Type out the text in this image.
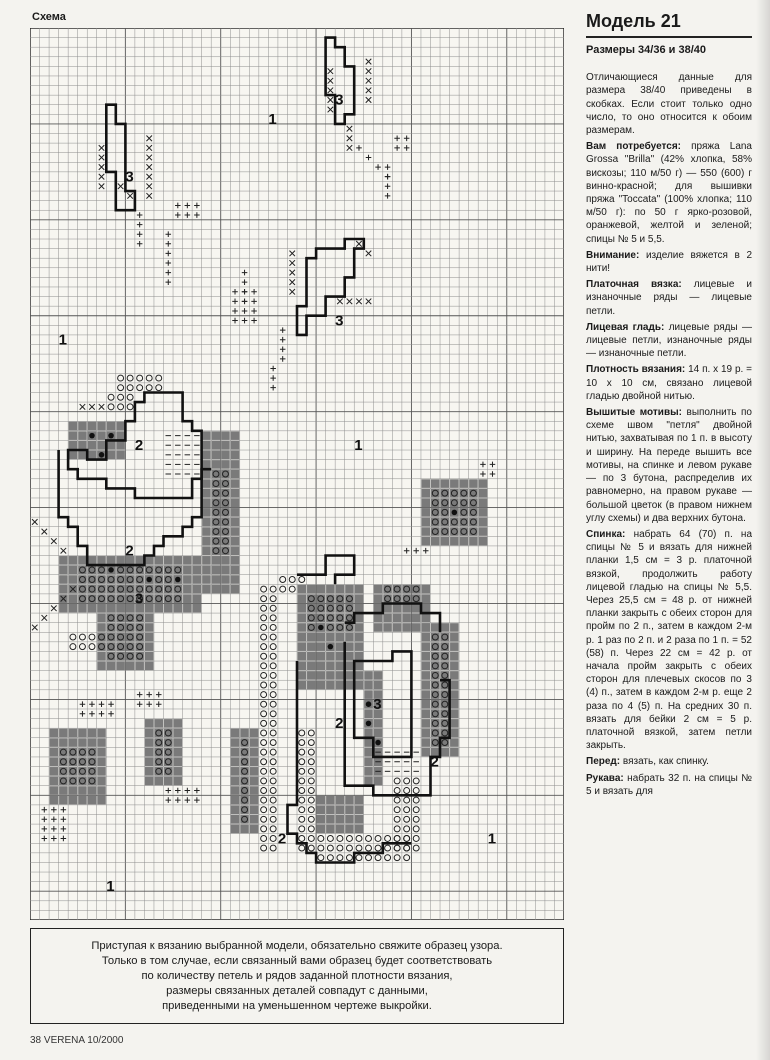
Схема
1
1
1
1
1
2
2
2
2
2
3
3
3
3
3
Приступая к вязанию выбранной модели, обязательно свяжите образец узора.
Только в том случае, если связанный вами образец будет соответствовать
по количеству петель и рядов заданной плотности вязания,
размеры связанных деталей совпадут с данными,
приведенными на уменьшенном чертеже выкройки.
38 VERENA 10/2000
Модель 21
Размеры 34/36 и 38/40

Отличающиеся данные для размера 38/40 приведены в скобках. Если стоит только одно число, то оно относится к обоим размерам.

Вам потребуется: пряжа Lana Grossa "Brilla" (42% хлопка, 58% вискозы; 110 м/50 г) — 550 (600) г винно-красной; для вышивки пряжа "Toccata" (100% хлопка; 110 м/50 г): по 50 г ярко-розовой, оранжевой, желтой и зеленой; спицы № 5 и 5,5.

Внимание: изделие вяжется в 2 нити!

Платочная вязка: лицевые и изнаночные ряды — лицевые петли.

Лицевая гладь: лицевые ряды — лицевые петли, изнаночные ряды — изнаночные петли.

Плотность вязания: 14 п. х 19 р. = 10 х 10 см, связано лицевой гладью двойной нитью.

Вышитые мотивы: выполнить по схеме швом "петля" двойной нитью, захватывая по 1 п. в высоту и ширину. На переде вышить все мотивы, на спинке и левом рукаве — по 3 бутона, распределив их равномерно, на правом рукаве — большой цветок (в правом нижнем углу схемы) и два верхних бутона.

Спинка: набрать 64 (70) п. на спицы № 5 и вязать для нижней планки 1,5 см = 3 р. платочной вязкой, продолжить работу лицевой гладью на спицы № 5,5. Через 25,5 см = 48 р. от нижней планки закрыть с обеих сторон для пройм по 2 п., затем в каждом 2-м р. 1 раз по 2 п. и 2 раза по 1 п. = 52 (58) п. Через 22 см = 42 р. от начала пройм закрыть с обеих сторон для плечевых скосов по 3 (4) п., затем в каждом 2-м р. еще 2 раза по 4 (5) п. На средних 30 п. вязать для бейки 2 см = 5 р. платочной вязкой, затем петли закрыть.

Перед: вязать, как спинку.

Рукава: набрать 32 п. на спицы № 5 и вязать для
